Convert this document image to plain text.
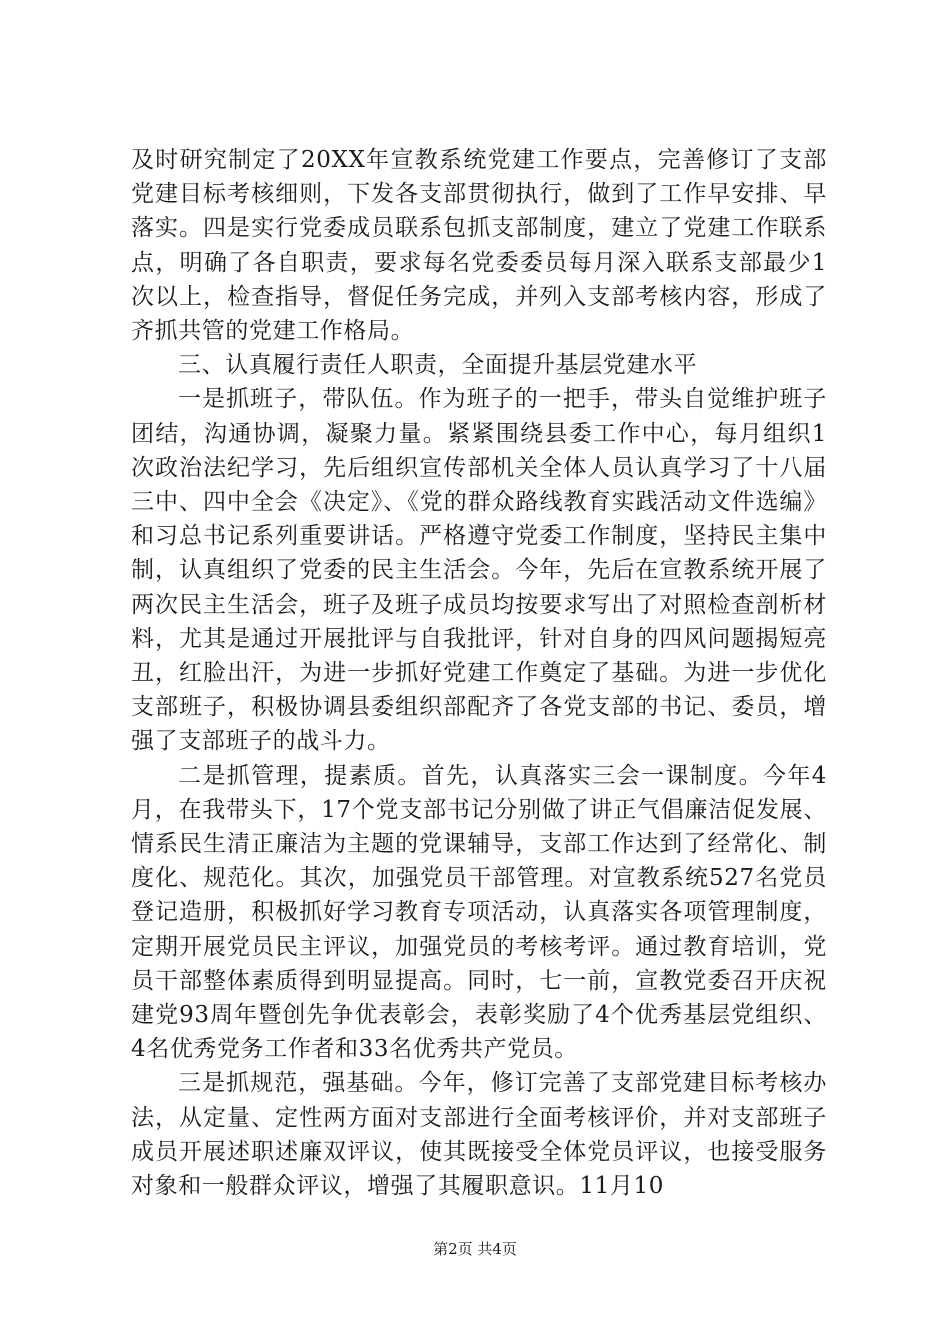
及时研究制定了20XX年宣教系统党建工作要点，完善修订了支部党建目标考核细则，下发各支部贯彻执行，做到了工作早安排、早落实。四是实行党委成员联系包抓支部制度，建立了党建工作联系点，明确了各自职责，要求每名党委委员每月深入联系支部最少1次以上，检查指导，督促任务完成，并列入支部考核内容，形成了齐抓共管的党建工作格局。

三、认真履行责任人职责，全面提升基层党建水平

一是抓班子，带队伍。作为班子的一把手，带头自觉维护班子团结，沟通协调，凝聚力量。紧紧围绕县委工作中心，每月组织1次政治法纪学习，先后组织宣传部机关全体人员认真学习了十八届三中、四中全会《决定》、《党的群众路线教育实践活动文件选编》和习总书记系列重要讲话。严格遵守党委工作制度，坚持民主集中制，认真组织了党委的民主生活会。今年，先后在宣教系统开展了两次民主生活会，班子及班子成员均按要求写出了对照检查剖析材料，尤其是通过开展批评与自我批评，针对自身的四风问题揭短亮丑，红脸出汗，为进一步抓好党建工作奠定了基础。为进一步优化支部班子，积极协调县委组织部配齐了各党支部的书记、委员，增强了支部班子的战斗力。

二是抓管理，提素质。首先，认真落实三会一课制度。今年4月，在我带头下，17个党支部书记分别做了讲正气倡廉洁促发展、情系民生清正廉洁为主题的党课辅导，支部工作达到了经常化、制度化、规范化。其次，加强党员干部管理。对宣教系统527名党员登记造册，积极抓好学习教育专项活动，认真落实各项管理制度，定期开展党员民主评议，加强党员的考核考评。通过教育培训，党员干部整体素质得到明显提高。同时，七一前，宣教党委召开庆祝建党93周年暨创先争优表彰会，表彰奖励了4个优秀基层党组织、4名优秀党务工作者和33名优秀共产党员。

三是抓规范，强基础。今年，修订完善了支部党建目标考核办法，从定量、定性两方面对支部进行全面考核评价，并对支部班子成员开展述职述廉双评议，使其既接受全体党员评议，也接受服务对象和一般群众评议，增强了其履职意识。11月10

第2页 共4页
